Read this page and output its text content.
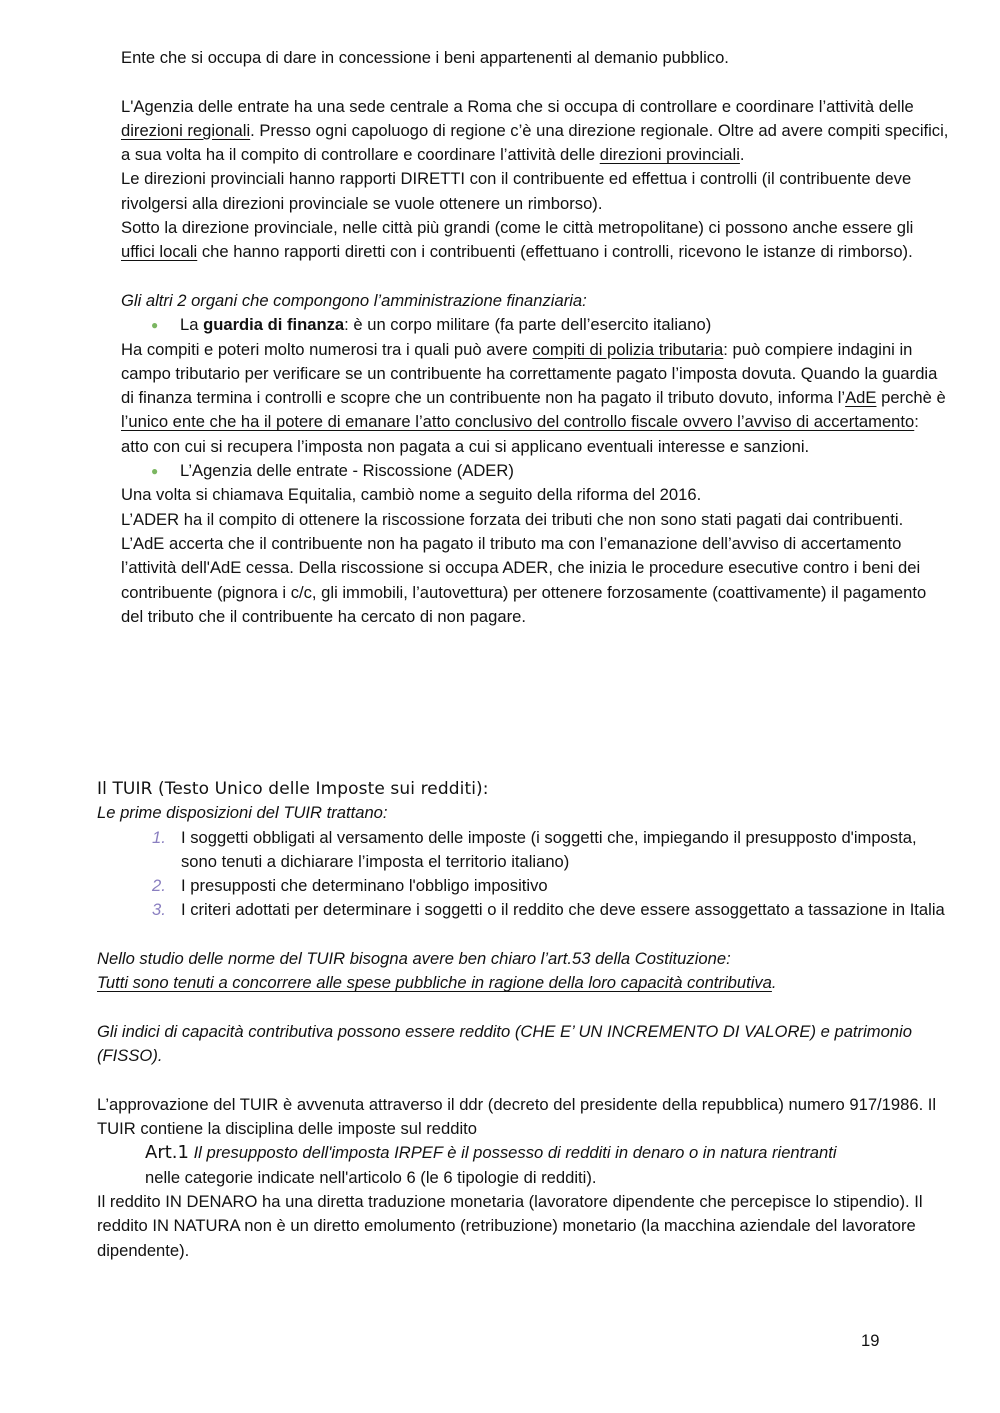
Ente che si occupa di dare in concessione i beni appartenenti al demanio pubblico.

L'Agenzia delle entrate ha una sede centrale a Roma che si occupa di controllare e coordinare l’attività delle direzioni regionali. Presso ogni capoluogo di regione c’è una direzione regionale. Oltre ad avere compiti specifici, a sua volta ha il compito di controllare e coordinare l’attività delle direzioni provinciali.

Le direzioni provinciali hanno rapporti DIRETTI con il contribuente ed effettua i controlli (il contribuente deve rivolgersi alla direzioni provinciale se vuole ottenere un rimborso).

Sotto la direzione provinciale, nelle città più grandi (come le città metropolitane) ci possono anche essere gli uffici locali che hanno rapporti diretti con i contribuenti (effettuano i controlli, ricevono le istanze di rimborso).

Gli altri 2 organi che compongono l’amministrazione finanziaria:

● La guardia di finanza: è un corpo militare (fa parte dell’esercito italiano)

Ha compiti e poteri molto numerosi tra i quali può avere compiti di polizia tributaria: può compiere indagini in campo tributario per verificare se un contribuente ha correttamente pagato l’imposta dovuta. Quando la guardia di finanza termina i controlli e scopre che un contribuente non ha pagato il tributo dovuto, informa l’AdE perchè è l’unico ente che ha il potere di emanare l’atto conclusivo del controllo fiscale ovvero l’avviso di accertamento: atto con cui si recupera l’imposta non pagata a cui si applicano eventuali interesse e sanzioni.

● L’Agenzia delle entrate - Riscossione (ADER)

Una volta si chiamava Equitalia, cambiò nome a seguito della riforma del 2016.

L’ADER ha il compito di ottenere la riscossione forzata dei tributi che non sono stati pagati dai contribuenti.

L’AdE accerta che il contribuente non ha pagato il tributo ma con l’emanazione dell’avviso di accertamento l’attività dell'AdE cessa. Della riscossione si occupa ADER, che inizia le procedure esecutive contro i beni dei contribuente (pignora i c/c, gli immobili, l’autovettura) per ottenere forzosamente (coattivamente) il pagamento del tributo che il contribuente ha cercato di non pagare.

Il TUIR (Testo Unico delle Imposte sui redditi):

Le prime disposizioni del TUIR trattano:

1. I soggetti obbligati al versamento delle imposte (i soggetti che, impiegando il presupposto d'imposta, sono tenuti a dichiarare l’imposta el territorio italiano)

2. I presupposti che determinano l'obbligo impositivo

3. I criteri adottati per determinare i soggetti o il reddito che deve essere assoggettato a tassazione in Italia

Nello studio delle norme del TUIR bisogna avere ben chiaro l’art.53 della Costituzione:

Tutti sono tenuti a concorrere alle spese pubbliche in ragione della loro capacità contributiva.

Gli indici di capacità contributiva possono essere reddito (CHE E’ UN INCREMENTO DI VALORE) e patrimonio (FISSO).

L’approvazione del TUIR è avvenuta attraverso il ddr (decreto del presidente della repubblica) numero 917/1986. Il TUIR contiene la disciplina delle imposte sul reddito

Art.1 Il presupposto dell'imposta IRPEF è il possesso di redditi in denaro o in natura rientranti

nelle categorie indicate nell'articolo 6 (le 6 tipologie di redditi).

Il reddito IN DENARO ha una diretta traduzione monetaria (lavoratore dipendente che percepisce lo stipendio). Il reddito IN NATURA non è un diretto emolumento (retribuzione) monetario (la macchina aziendale del lavoratore dipendente).

19
